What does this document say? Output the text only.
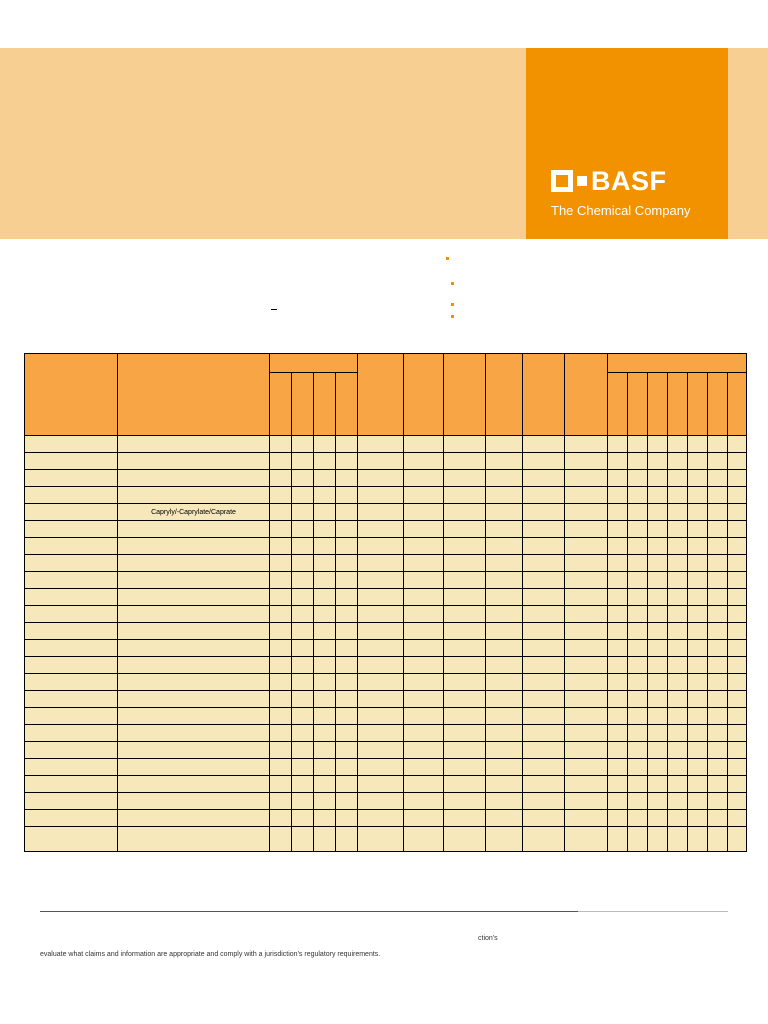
BASF
The Chemical Company

	Capryly/-Caprylate/Caprate																	

ction's
evaluate what claims and information are appropriate and comply with a jurisdiction's regulatory requirements.
